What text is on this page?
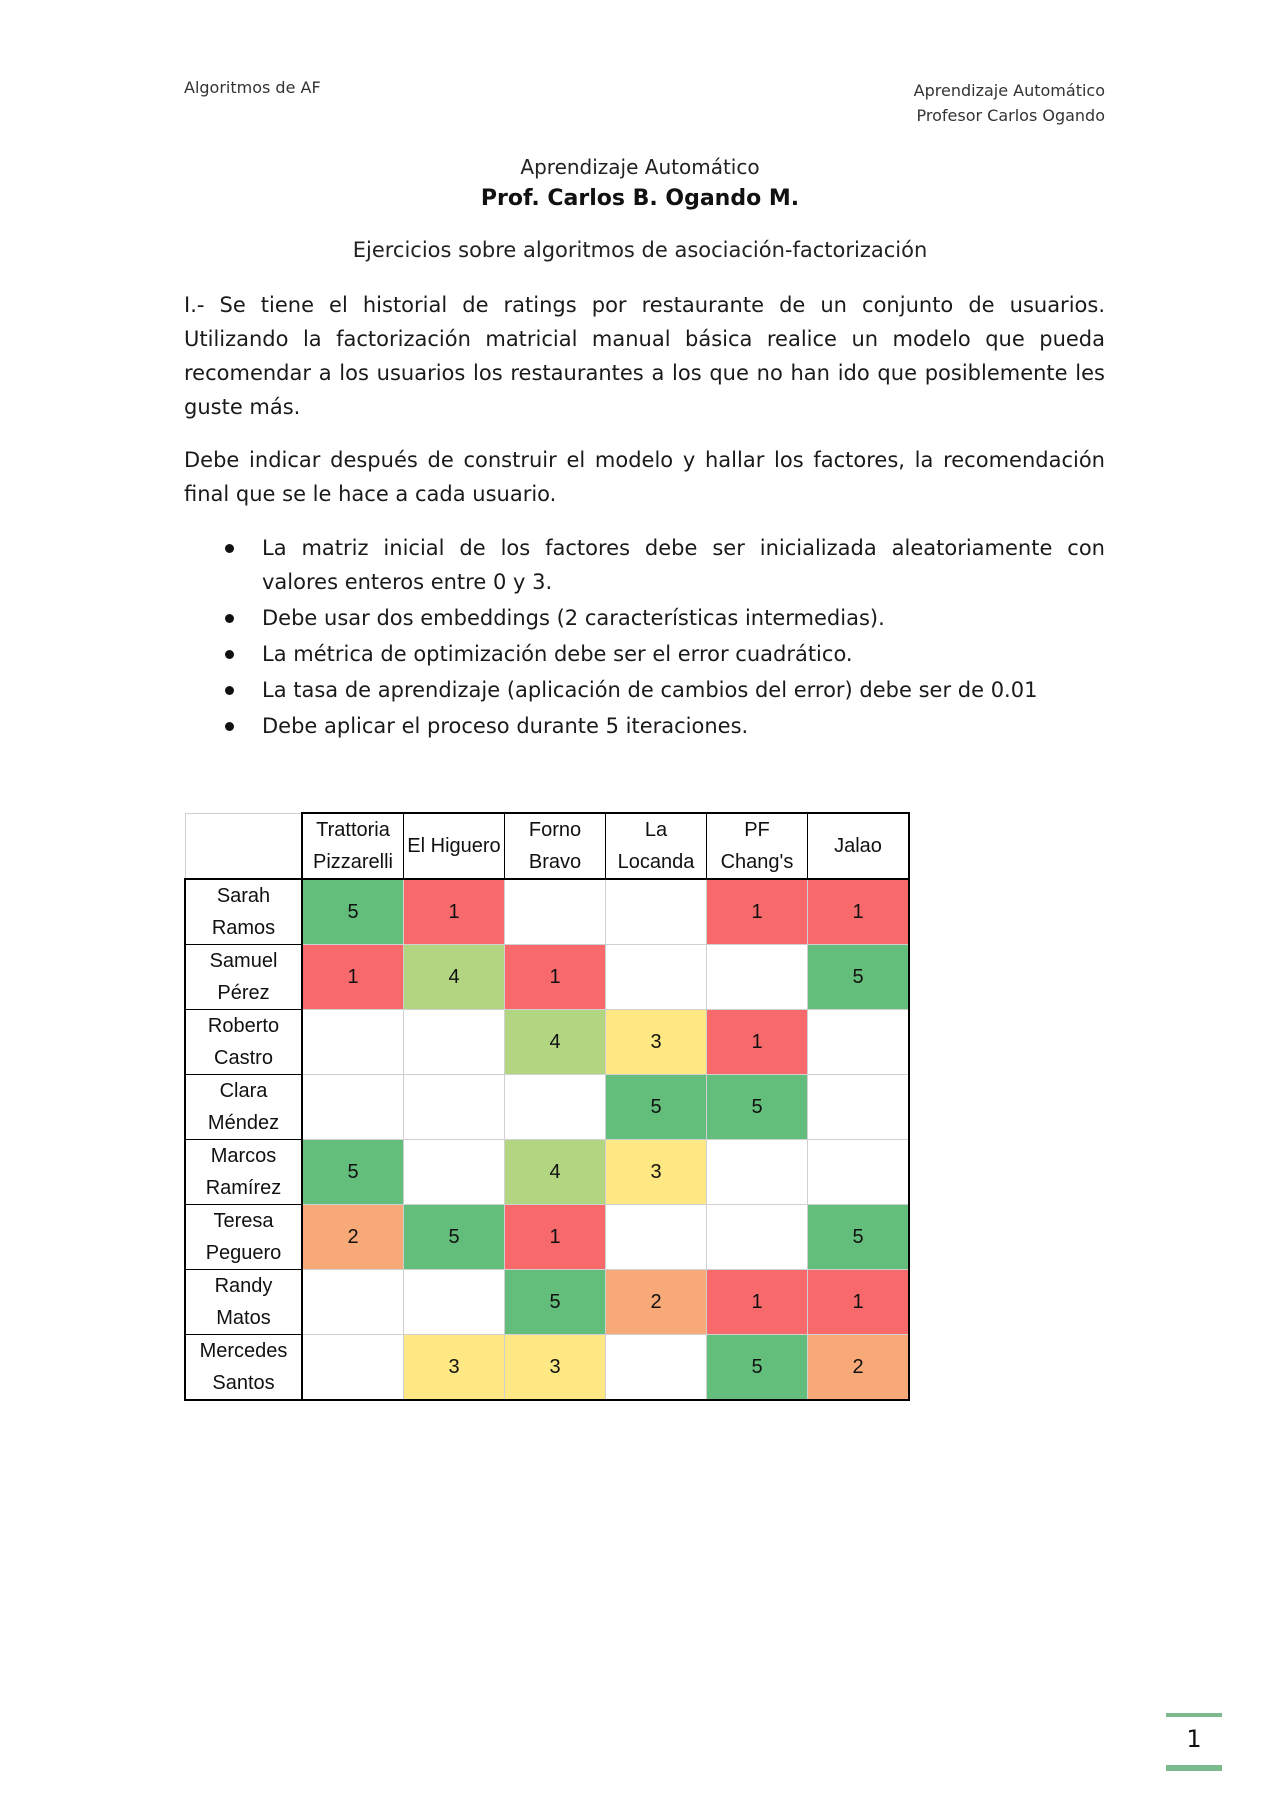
Algoritmos de AF	Aprendizaje Automático
Profesor Carlos Ogando
Aprendizaje Automático
Prof. Carlos B. Ogando M.
Ejercicios sobre algoritmos de asociación-factorización

I.- Se tiene el historial de ratings por restaurante de un conjunto de usuarios. Utilizando la factorización matricial manual básica realice un modelo que pueda recomendar a los usuarios los restaurantes a los que no han ido que posiblemente les guste más.

Debe indicar después de construir el modelo y hallar los factores, la recomendación final que se le hace a cada usuario.

La matriz inicial de los factores debe ser inicializada aleatoriamente con valores enteros entre 0 y 3.
Debe usar dos embeddings (2 características intermedias).
La métrica de optimización debe ser el error cuadrático.
La tasa de aprendizaje (aplicación de cambios del error) debe ser de 0.01
Debe aplicar el proceso durante 5 iteraciones.
	Trattoria Pizzarelli	El Higuero	Forno Bravo	La Locanda	PF Chang's	Jalao
Sarah Ramos	5	1			1	1
Samuel Pérez	1	4	1			5
Roberto Castro			4	3	1	
Clara Méndez				5	5	
Marcos Ramírez	5		4	3		
Teresa Peguero	2	5	1			5
Randy Matos			5	2	1	1
Mercedes Santos		3	3		5	2
1
